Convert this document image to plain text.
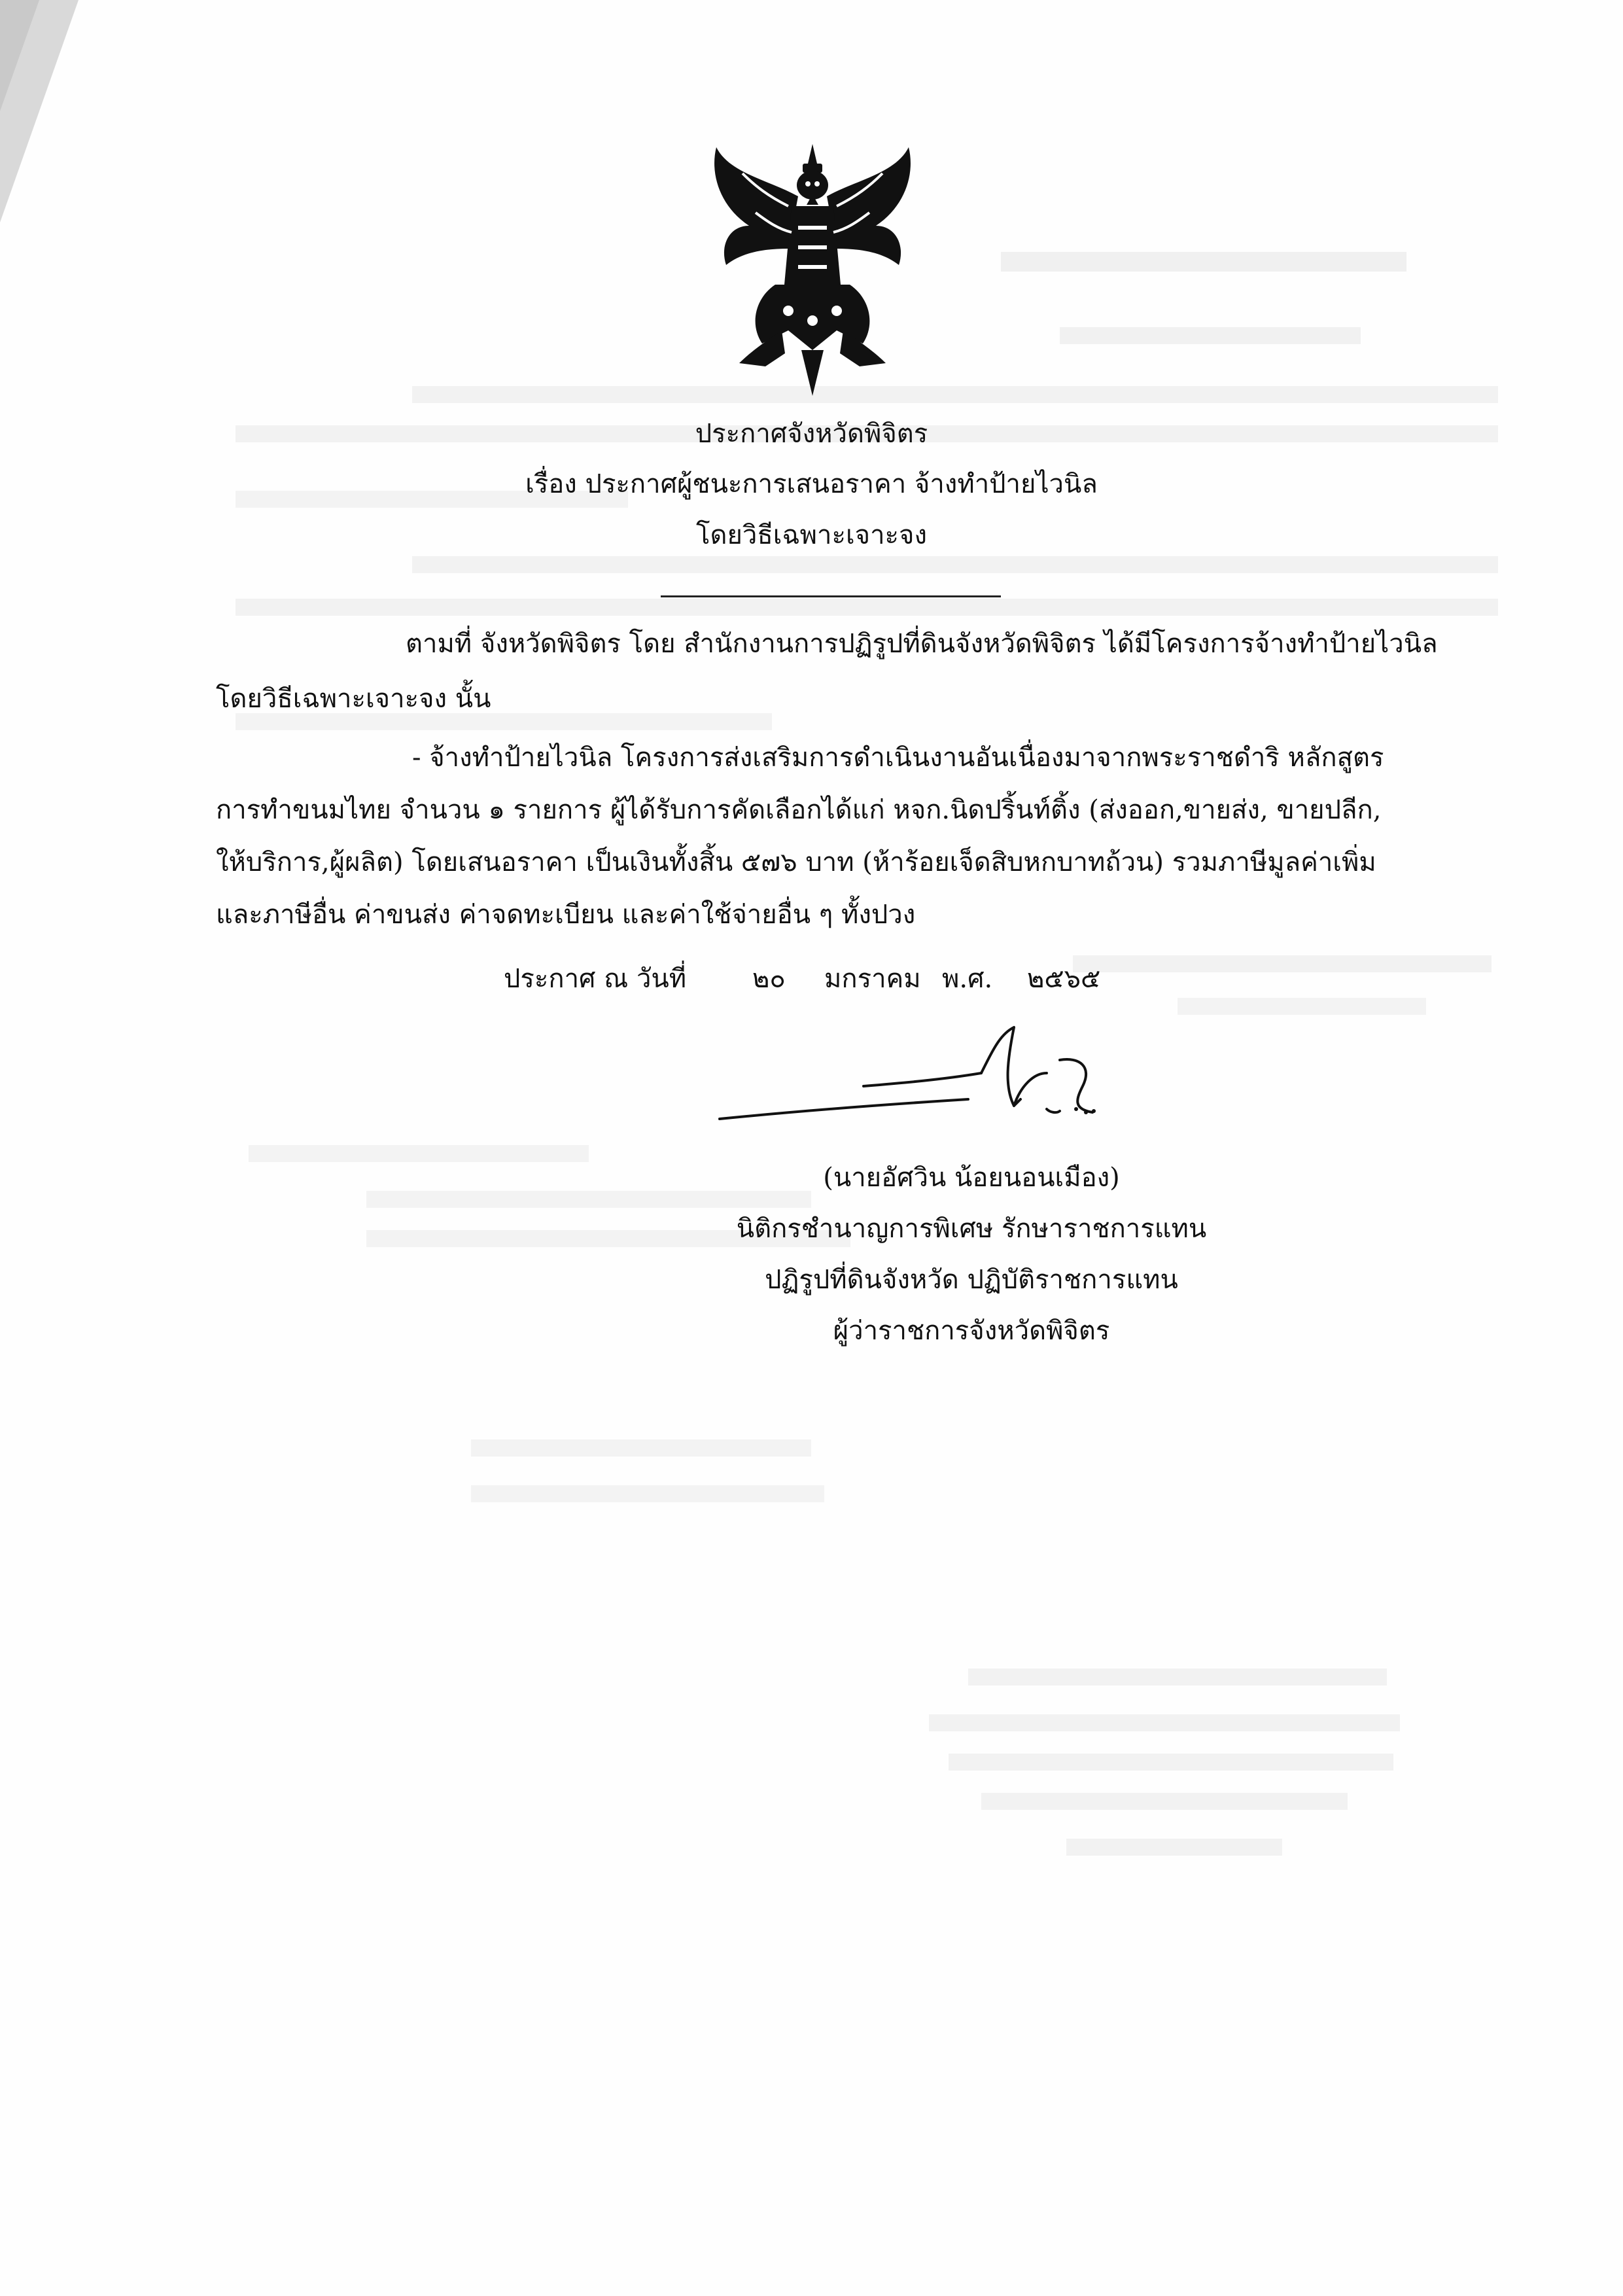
ประกาศจังหวัดพิจิตร
เรื่อง ประกาศผู้ชนะการเสนอราคา จ้างทำป้ายไวนิล
โดยวิธีเฉพาะเจาะจง
ตามที่ จังหวัดพิจิตร โดย สำนักงานการปฏิรูปที่ดินจังหวัดพิจิตร ได้มีโครงการจ้างทำป้ายไวนิล
โดยวิธีเฉพาะเจาะจง นั้น
- จ้างทำป้ายไวนิล โครงการส่งเสริมการดำเนินงานอันเนื่องมาจากพระราชดำริ หลักสูตร
การทำขนมไทย จำนวน ๑ รายการ ผู้ได้รับการคัดเลือกได้แก่ หจก.นิดปริ้นท์ติ้ง (ส่งออก,ขายส่ง, ขายปลีก,
ให้บริการ,ผู้ผลิต) โดยเสนอราคา เป็นเงินทั้งสิ้น ๕๗๖ บาท (ห้าร้อยเจ็ดสิบหกบาทถ้วน) รวมภาษีมูลค่าเพิ่ม
และภาษีอื่น ค่าขนส่ง ค่าจดทะเบียน และค่าใช้จ่ายอื่น ๆ ทั้งปวง
ประกาศ ณ วันที่	๒๐ มกราคม พ.ศ. ๒๕๖๕
(นายอัศวิน น้อยนอนเมือง)
นิติกรชำนาญการพิเศษ รักษาราชการแทน
ปฏิรูปที่ดินจังหวัด ปฏิบัติราชการแทน
ผู้ว่าราชการจังหวัดพิจิตร
